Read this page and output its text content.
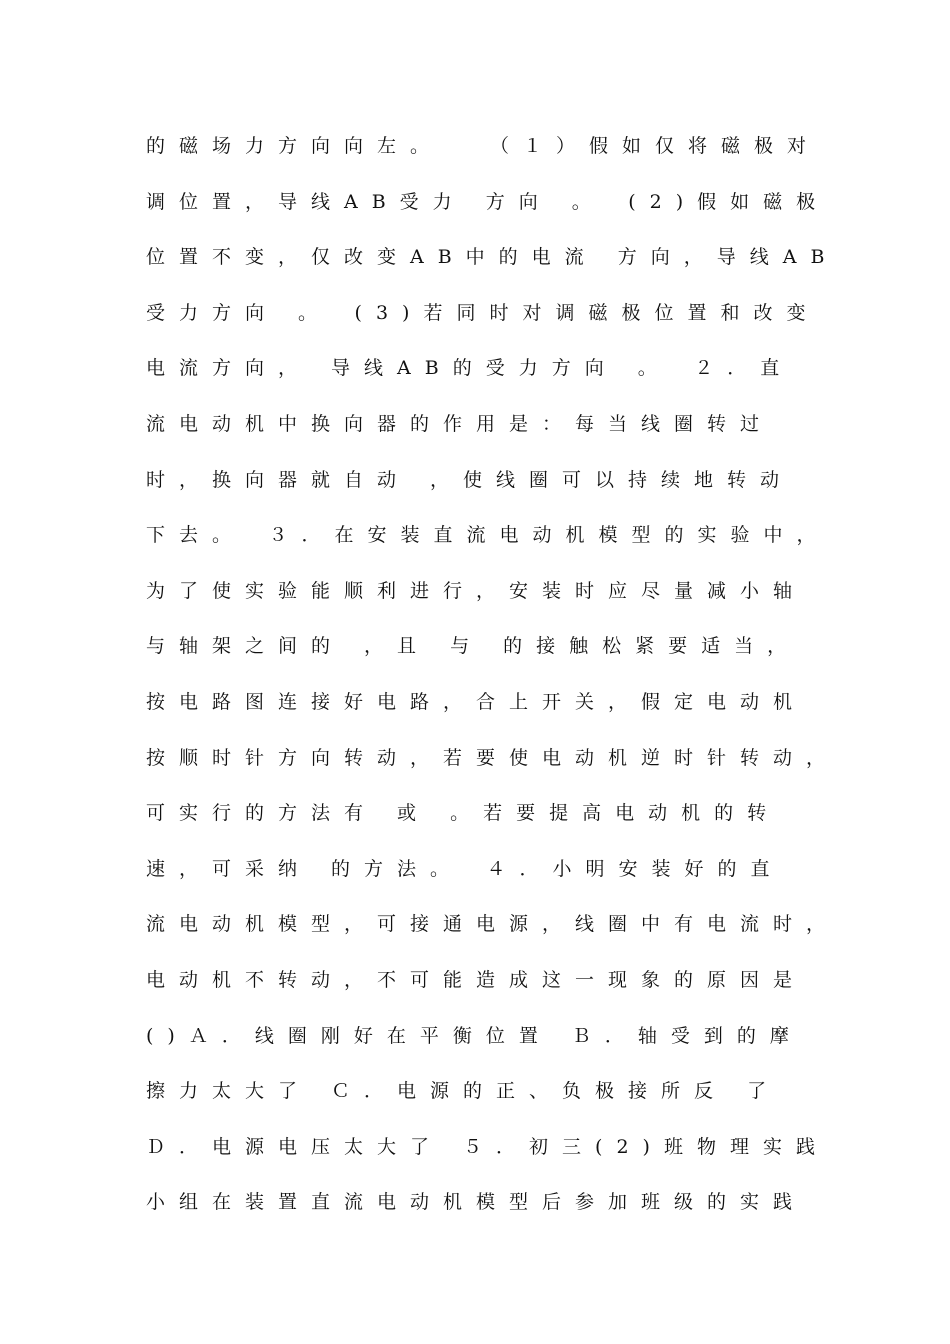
的磁场力方向向左。　　（１）假如仅将磁极对
调位置，导线AB受力 方向 。　(2)假如磁极
位置不变，仅改变AB中的电流 方向，导线AB
受力方向 。　(3)若同时对调磁极位置和改变
电流方向， 导线AB的受力方向 。　２．直
流电动机中换向器的作用是：每当线圈转过
时，换向器就自动 ，使线圈可以持续地转动
下去。　３．在安装直流电动机模型的实验中，
为了使实验能顺利进行，安装时应尽量减小轴
与轴架之间的 ，且 与 的接触松紧要适当，
按电路图连接好电路，合上开关，假定电动机
按顺时针方向转动，若要使电动机逆时针转动，
可实行的方法有 或 。若要提高电动机的转
速，可采纳 的方法。　４．小明安装好的直
流电动机模型，可接通电源，线圈中有电流时，
电动机不转动，不可能造成这一现象的原因是
()Ａ．线圈刚好在平衡位置 Ｂ．轴受到的摩
擦力太大了 Ｃ．电源的正、负极接所反 了
Ｄ．电源电压太大了 ５．初三(2)班物理实践
小组在装置直流电动机模型后参加班级的实践
